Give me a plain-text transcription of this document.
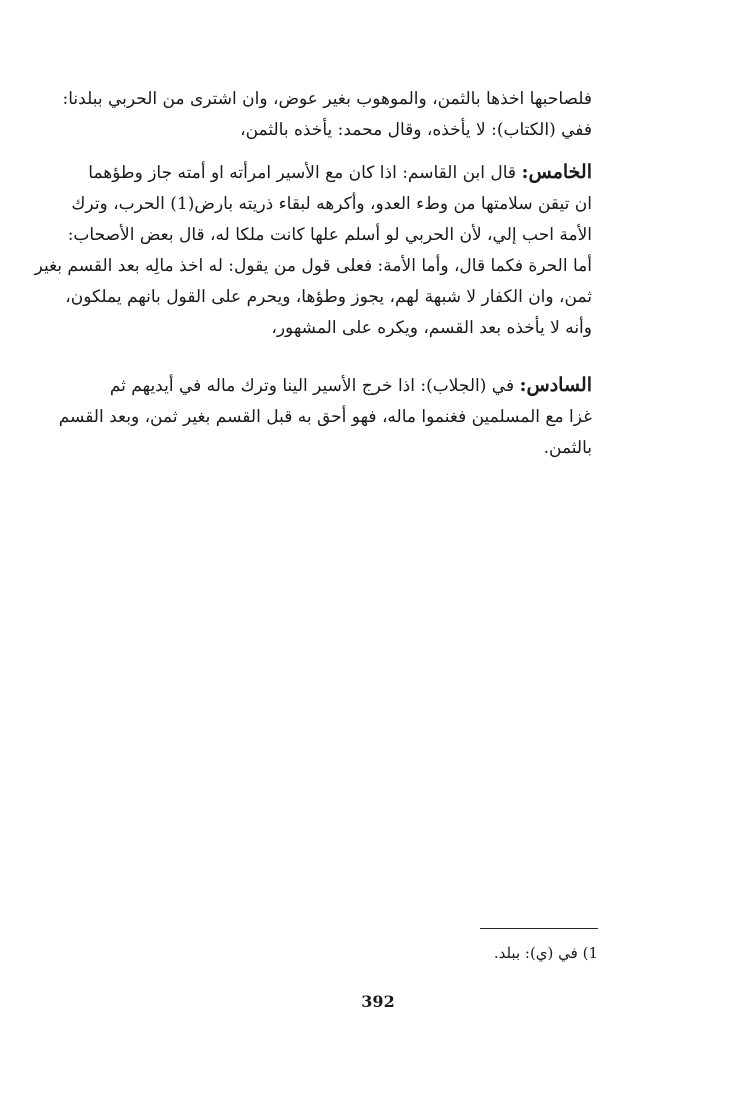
فلصاحبها اخذها بالثمن، والموهوب بغير عوض، وان اشترى من الحربي ببلدنا:
ففي (الكتاب): لا يأخذه، وقال محمد: يأخذه بالثمن،
الخامس: قال ابن القاسم: اذا كان مع الأسير امرأته او أمته جاز وطؤهما
ان تيقن سلامتها من وطء العدو، وأكرهه لبقاء ذريته بارض(1) الحرب، وترك
الأمة احب إلي، لأن الحربي لو أسلم علها كانت ملكا له، قال بعض الأصحاب:
أما الحرة فكما قال، وأما الأمة: فعلى قول من يقول: له اخذ مالِه بعد القسم بغير
ثمن، وان الكفار لا شبهة لهم، يجوز وطؤها، ويحرم على القول بانهم يملكون،
وأنه لا يأخذه بعد القسم، ويكره على المشهور،
السادس: في (الجلاب): اذا خرج الأسير الينا وترك ماله في أيديهم ثم
غزا مع المسلمين فغنموا ماله، فهو أحق به قبل القسم بغير ثمن، وبعد القسم
بالثمن.
1) في (ي): ببلد.
392
